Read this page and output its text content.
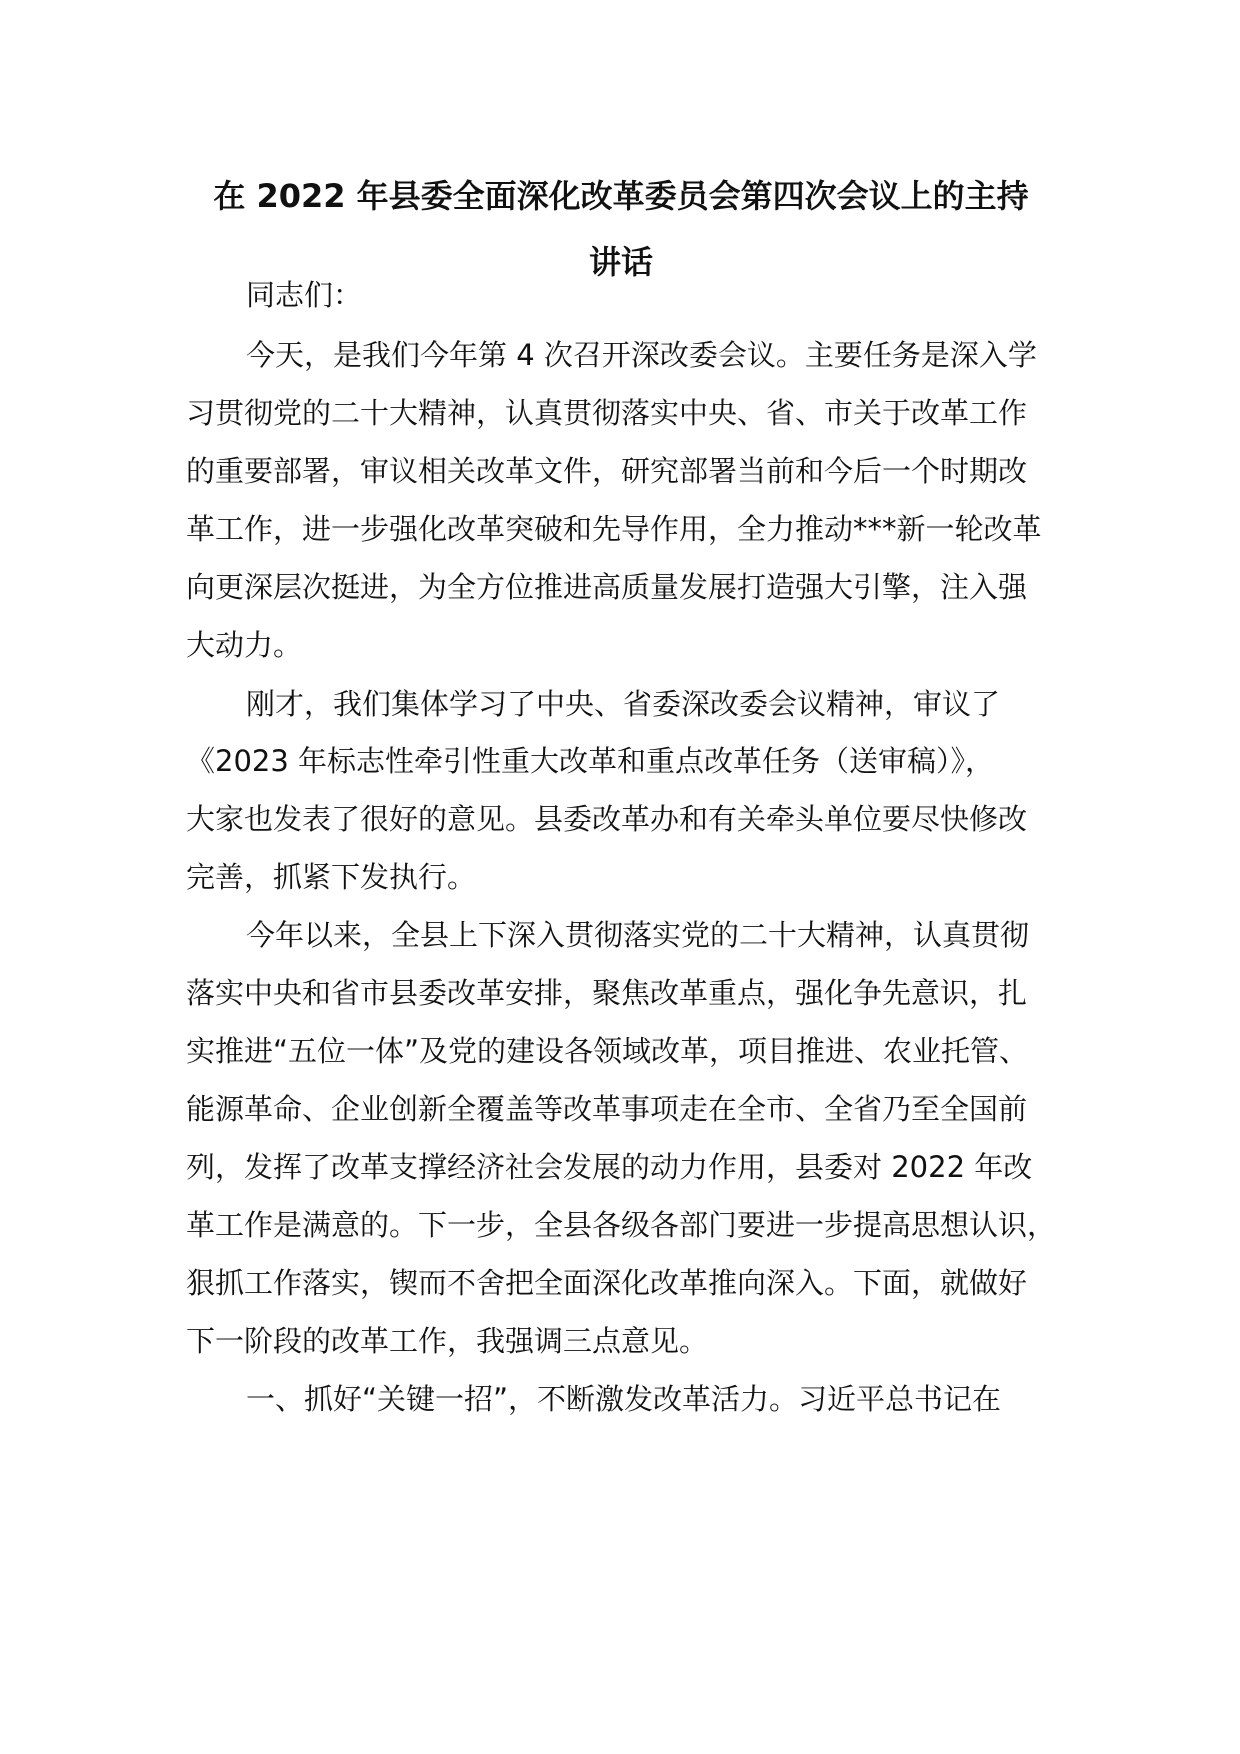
在 2022 年县委全面深化改革委员会第四次会议上的主持
讲话

同志们：

今天，是我们今年第 4 次召开深改委会议。主要任务是深入学

习贯彻党的二十大精神，认真贯彻落实中央、省、市关于改革工作

的重要部署，审议相关改革文件，研究部署当前和今后一个时期改

革工作，进一步强化改革突破和先导作用，全力推动***新一轮改革

向更深层次挺进，为全方位推进高质量发展打造强大引擎，注入强

大动力。

刚才，我们集体学习了中央、省委深改委会议精神，审议了

《2023 年标志性牵引性重大改革和重点改革任务（送审稿）》，

大家也发表了很好的意见。县委改革办和有关牵头单位要尽快修改

完善，抓紧下发执行。

今年以来，全县上下深入贯彻落实党的二十大精神，认真贯彻

落实中央和省市县委改革安排，聚焦改革重点，强化争先意识，扎

实推进“五位一体”及党的建设各领域改革，项目推进、农业托管、

能源革命、企业创新全覆盖等改革事项走在全市、全省乃至全国前

列，发挥了改革支撑经济社会发展的动力作用，县委对 2022 年改

革工作是满意的。下一步，全县各级各部门要进一步提高思想认识，

狠抓工作落实，锲而不舍把全面深化改革推向深入。下面，就做好

下一阶段的改革工作，我强调三点意见。

一、抓好“关键一招”，不断激发改革活力。习近平总书记在
